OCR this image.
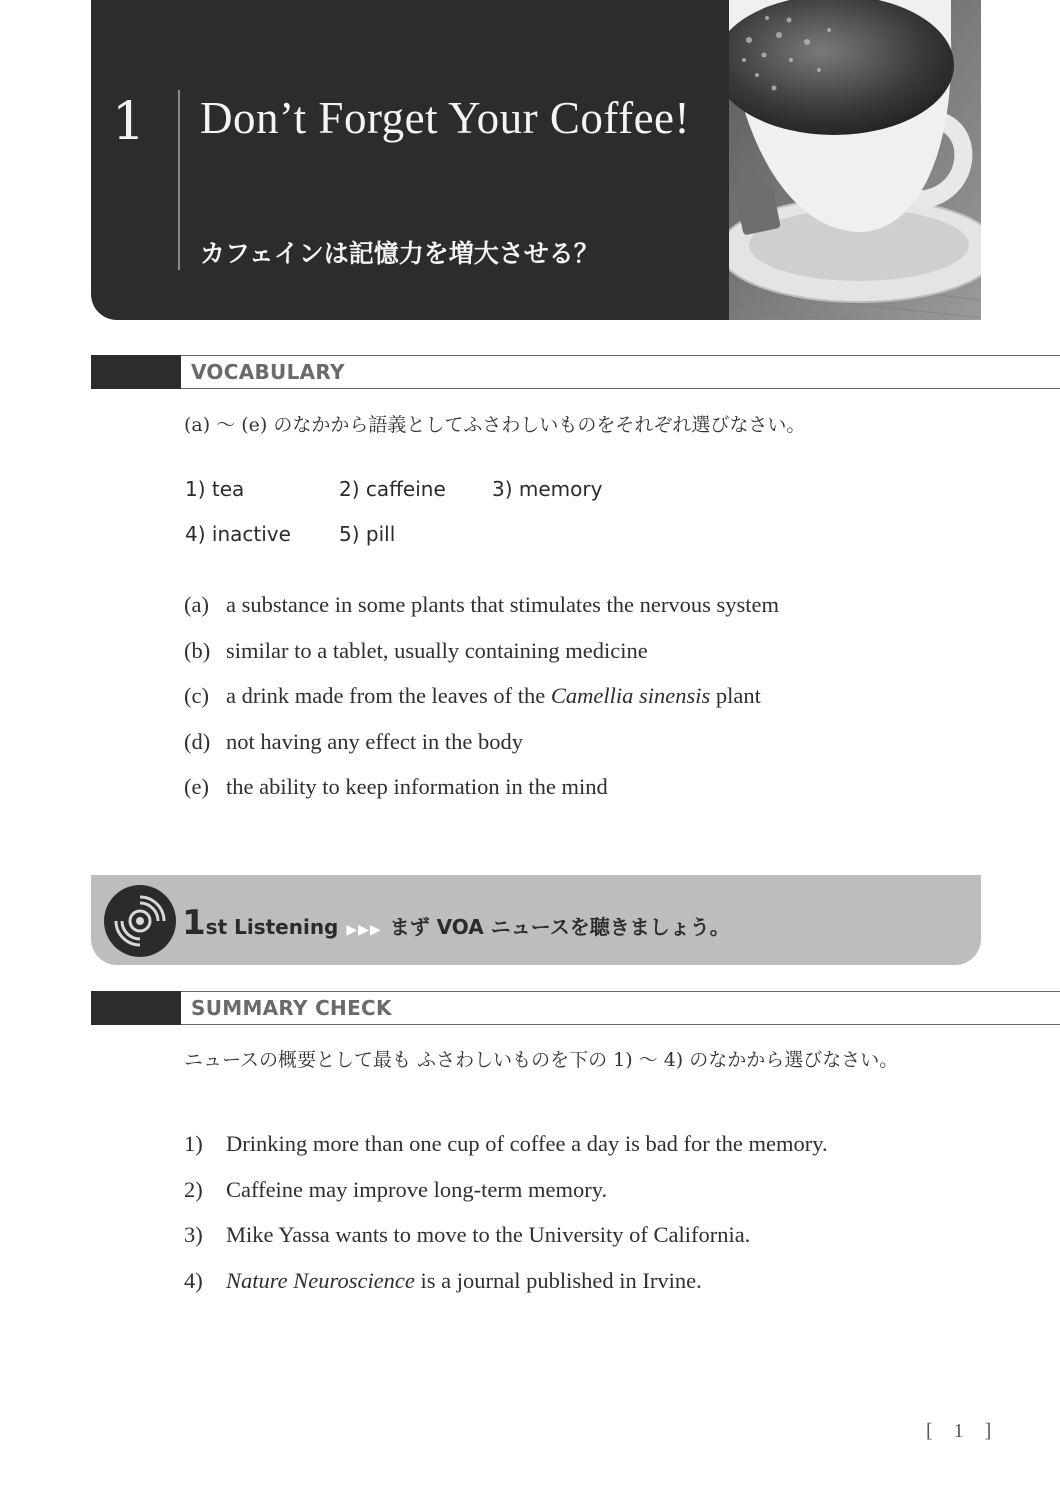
1 Don’t Forget Your Coffee!
カフェインは記憶力を増大させる？
VOCABULARY
(a) ～ (e) のなかから語義としてふさわしいものをそれぞれ選びなさい。
1) tea	2) caffeine 3) memory
4) inactive 5) pill
(a) a substance in some plants that stimulates the nervous system
(b) similar to a tablet, usually containing medicine
(c) a drink made from the leaves of the Camellia sinensis plant
(d) not having any effect in the body
(e) the ability to keep information in the mind
1st Listening ▶▶▶ まず VOA ニュースを聴きましょう。
SUMMARY CHECK
ニュースの概要として最も ふさわしいものを下の 1) ～ 4) のなかから選びなさい。
1) Drinking more than one cup of coffee a day is bad for the memory.
2) Caffeine may improve long-term memory.
3) Mike Yassa wants to move to the University of California.
4) Nature Neuroscience is a journal published in Irvine.
[ 1 ]
